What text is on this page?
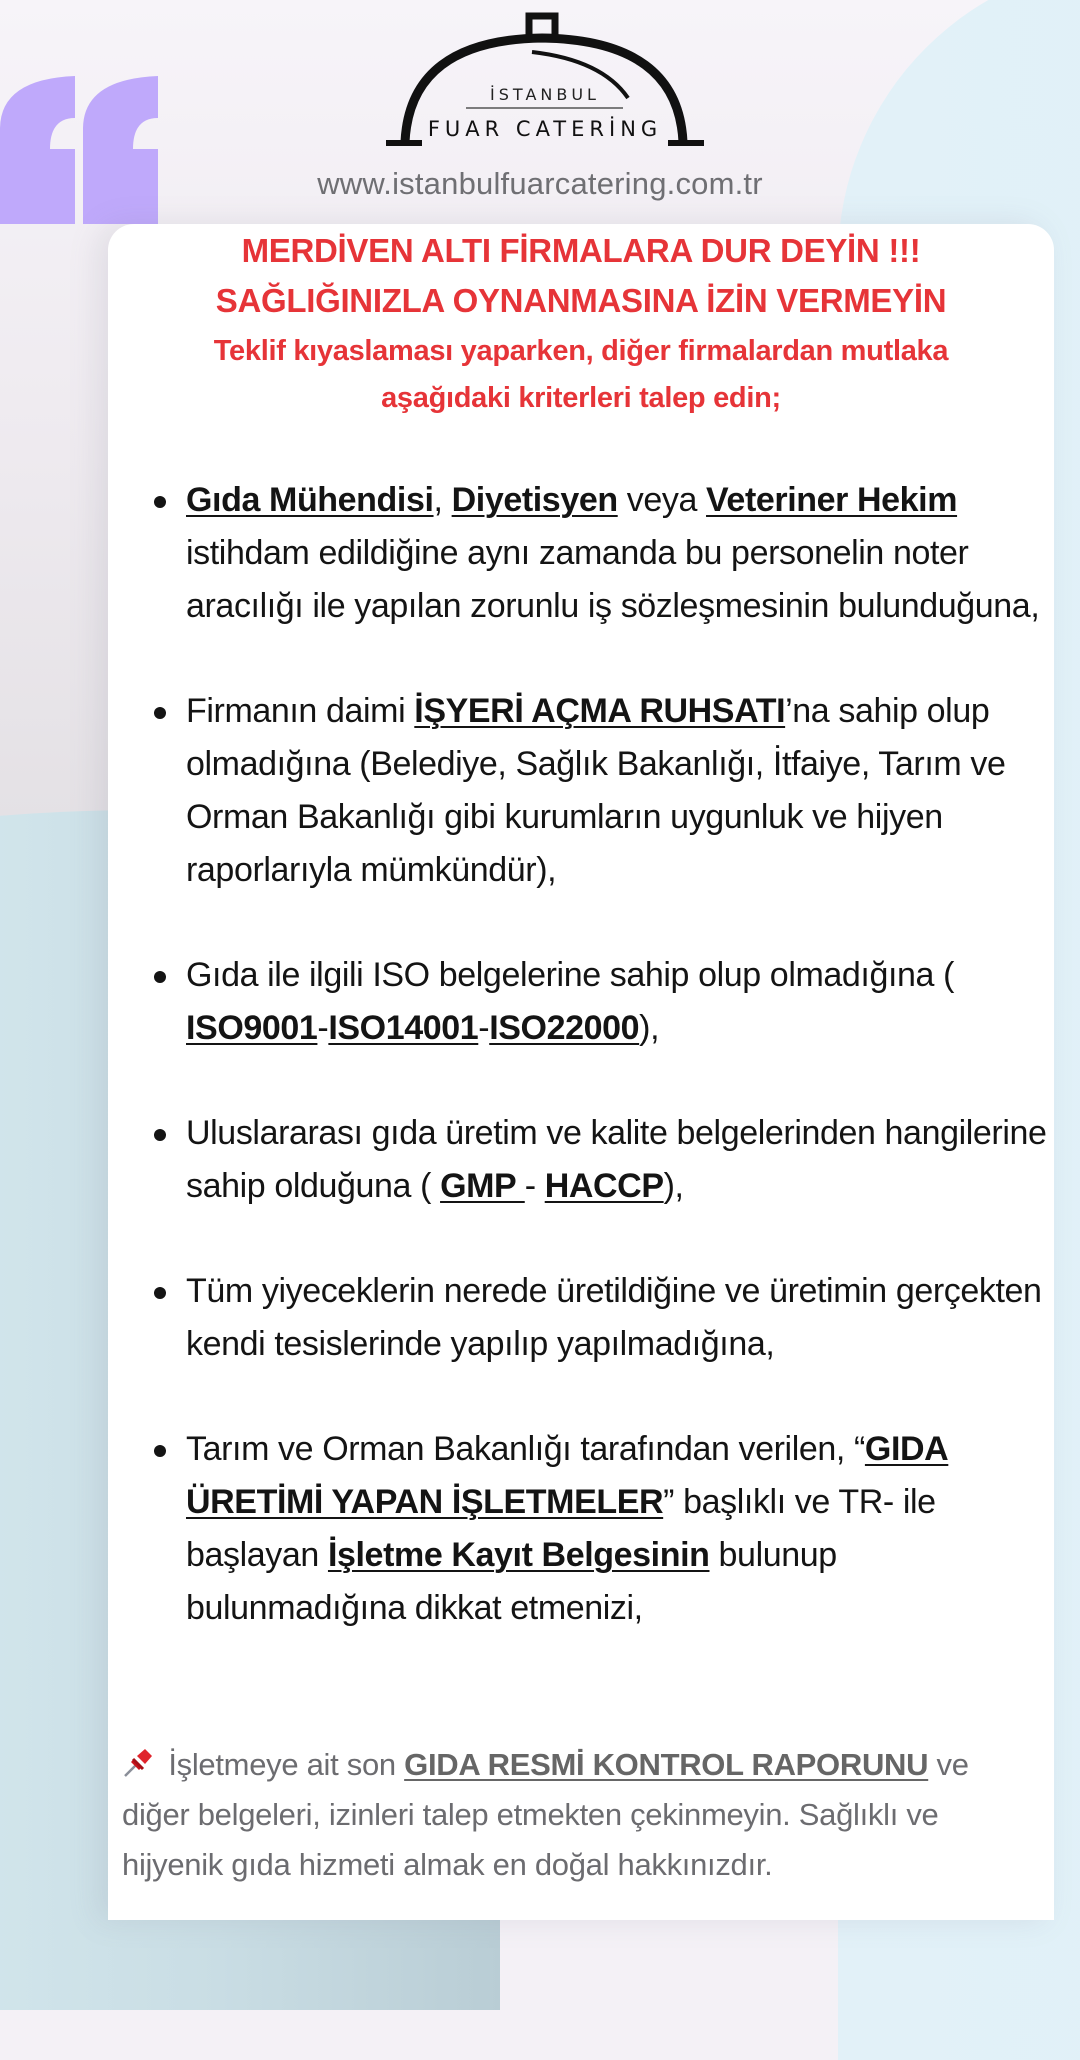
İSTANBUL
FUAR CATERİNG
www.istanbulfuarcatering.com.tr
MERDİVEN ALTI FİRMALARA DUR DEYİN !!!
SAĞLIĞINIZLA OYNANMASINA İZİN VERMEYİN
Teklif kıyaslaması yaparken, diğer firmalardan mutlaka
aşağıdaki kriterleri talep edin;
Gıda Mühendisi, Diyetisyen veya Veteriner Hekim istihdam edildiğine aynı zamanda bu personelin noter aracılığı ile yapılan zorunlu iş sözleşmesinin bulunduğuna,
Firmanın daimi İŞYERİ AÇMA RUHSATI’na sahip olup olmadığına (Belediye, Sağlık Bakanlığı, İtfaiye, Tarım ve Orman Bakanlığı gibi kurumların uygunluk ve hijyen raporlarıyla mümkündür),
Gıda ile ilgili ISO belgelerine sahip olup olmadığına ( ISO9001-ISO14001-ISO22000),
Uluslararası gıda üretim ve kalite belgelerinden hangilerine sahip olduğuna ( GMP - HACCP),
Tüm yiyeceklerin nerede üretildiğine ve üretimin gerçekten kendi tesislerinde yapılıp yapılmadığına,
Tarım ve Orman Bakanlığı tarafından verilen, “GIDA ÜRETİMİ YAPAN İŞLETMELER” başlıklı ve TR- ile başlayan İşletme Kayıt Belgesinin bulunup bulunmadığına dikkat etmenizi,
İşletmeye ait son GIDA RESMİ KONTROL RAPORUNU ve diğer belgeleri, izinleri talep etmekten çekinmeyin. Sağlıklı ve hijyenik gıda hizmeti almak en doğal hakkınızdır.
